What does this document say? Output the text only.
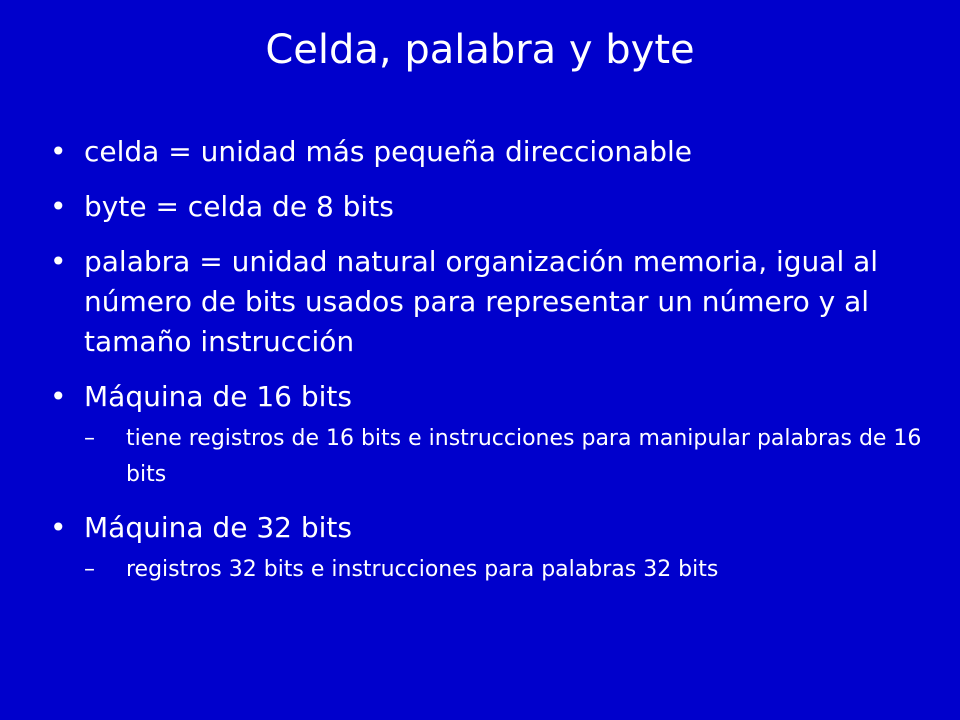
Celda, palabra y byte
• celda = unidad más pequeña direccionable
• byte = celda de 8 bits
• palabra = unidad natural organización memoria, igual al número de bits usados para representar un número y al tamaño instrucción
• Máquina de 16 bits
– tiene registros de 16 bits e instrucciones para manipular palabras de 16 bits
• Máquina de 32 bits
– registros 32 bits e instrucciones para palabras 32 bits
